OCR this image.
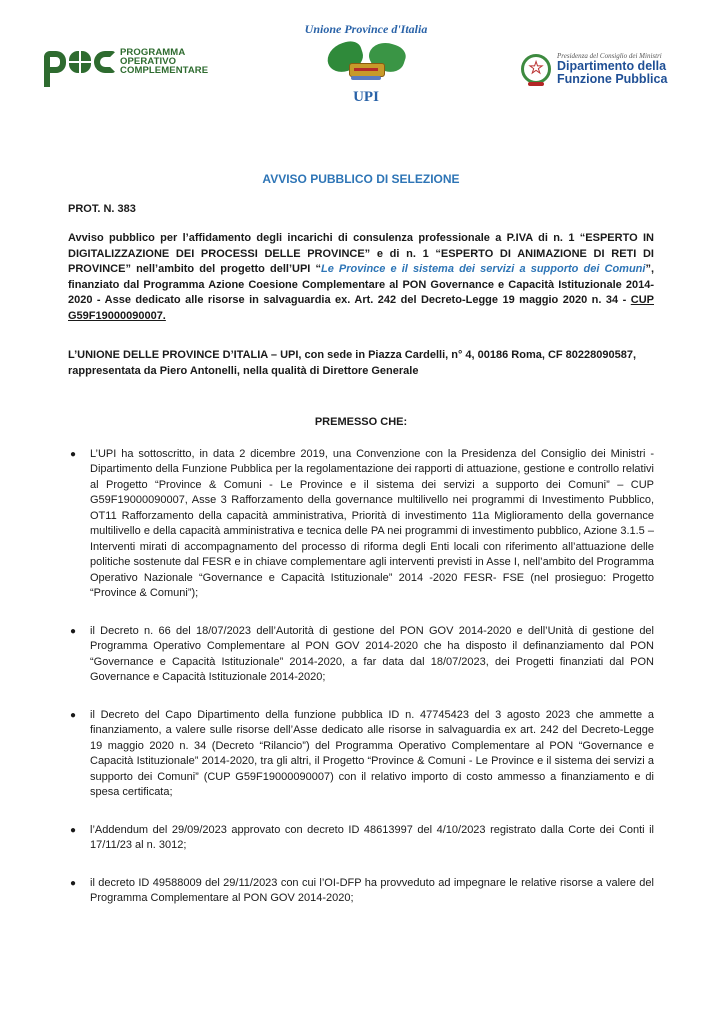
PROGRAMMA
OPERATIVO
COMPLEMENTARE
Unione Province d'Italia
UPI
★
Presidenza del Consiglio dei Ministri
Dipartimento della
Funzione Pubblica
AVVISO PUBBLICO DI SELEZIONE
PROT. N. 383

Avviso pubblico per l’affidamento degli incarichi di consulenza professionale a P.IVA di n. 1 “ESPERTO IN DIGITALIZZAZIONE DEI PROCESSI DELLE PROVINCE” e di n. 1 “ESPERTO DI ANIMAZIONE DI RETI DI PROVINCE” nell’ambito del progetto dell’UPI “Le Province e il sistema dei servizi a supporto dei Comuni”, finanziato dal Programma Azione Coesione Complementare al PON Governance e Capacità Istituzionale 2014-2020 - Asse dedicato alle risorse in salvaguardia ex. Art. 242 del Decreto-Legge 19 maggio 2020 n. 34 - CUP G59F19000090007.

L’UNIONE DELLE PROVINCE D’ITALIA – UPI, con sede in Piazza Cardelli, n° 4, 00186 Roma, CF 80228090587, rappresentata da Piero Antonelli, nella qualità di Direttore Generale
PREMESSO CHE:
● L’UPI ha sottoscritto, in data 2 dicembre 2019, una Convenzione con la Presidenza del Consiglio dei Ministri - Dipartimento della Funzione Pubblica per la regolamentazione dei rapporti di attuazione, gestione e controllo relativi al Progetto “Province & Comuni - Le Province e il sistema dei servizi a supporto dei Comuni” – CUP G59F19000090007, Asse 3 Rafforzamento della governance multilivello nei programmi di Investimento Pubblico, OT11 Rafforzamento della capacità amministrativa, Priorità di investimento 11a Miglioramento della governance multilivello e della capacità amministrativa e tecnica delle PA nei programmi di investimento pubblico, Azione 3.1.5 – Interventi mirati di accompagnamento del processo di riforma degli Enti locali con riferimento all’attuazione delle politiche sostenute dal FESR e in chiave complementare agli interventi previsti in Asse I, nell’ambito del Programma Operativo Nazionale “Governance e Capacità Istituzionale” 2014 -2020 FESR- FSE (nel prosieguo: Progetto “Province & Comuni”);
● il Decreto n. 66 del 18/07/2023 dell’Autorità di gestione del PON GOV 2014-2020 e dell’Unità di gestione del Programma Operativo Complementare al PON GOV 2014-2020 che ha disposto il definanziamento dal PON “Governance e Capacità Istituzionale” 2014-2020, a far data dal 18/07/2023, dei Progetti finanziati dal PON Governance e Capacità Istituzionale 2014-2020;
● il Decreto del Capo Dipartimento della funzione pubblica ID n. 47745423 del 3 agosto 2023 che ammette a finanziamento, a valere sulle risorse dell’Asse dedicato alle risorse in salvaguardia ex art. 242 del Decreto-Legge 19 maggio 2020 n. 34 (Decreto “Rilancio”) del Programma Operativo Complementare al PON “Governance e Capacità Istituzionale” 2014-2020, tra gli altri, il Progetto “Province & Comuni - Le Province e il sistema dei servizi a supporto dei Comuni” (CUP G59F19000090007) con il relativo importo di costo ammesso a finanziamento e di spesa certificata;
● l’Addendum del 29/09/2023 approvato con decreto ID 48613997 del 4/10/2023 registrato dalla Corte dei Conti il 17/11/23 al n. 3012;
● il decreto ID 49588009 del 29/11/2023 con cui l’OI-DFP ha provveduto ad impegnare le relative risorse a valere del Programma Complementare al PON GOV 2014-2020;
